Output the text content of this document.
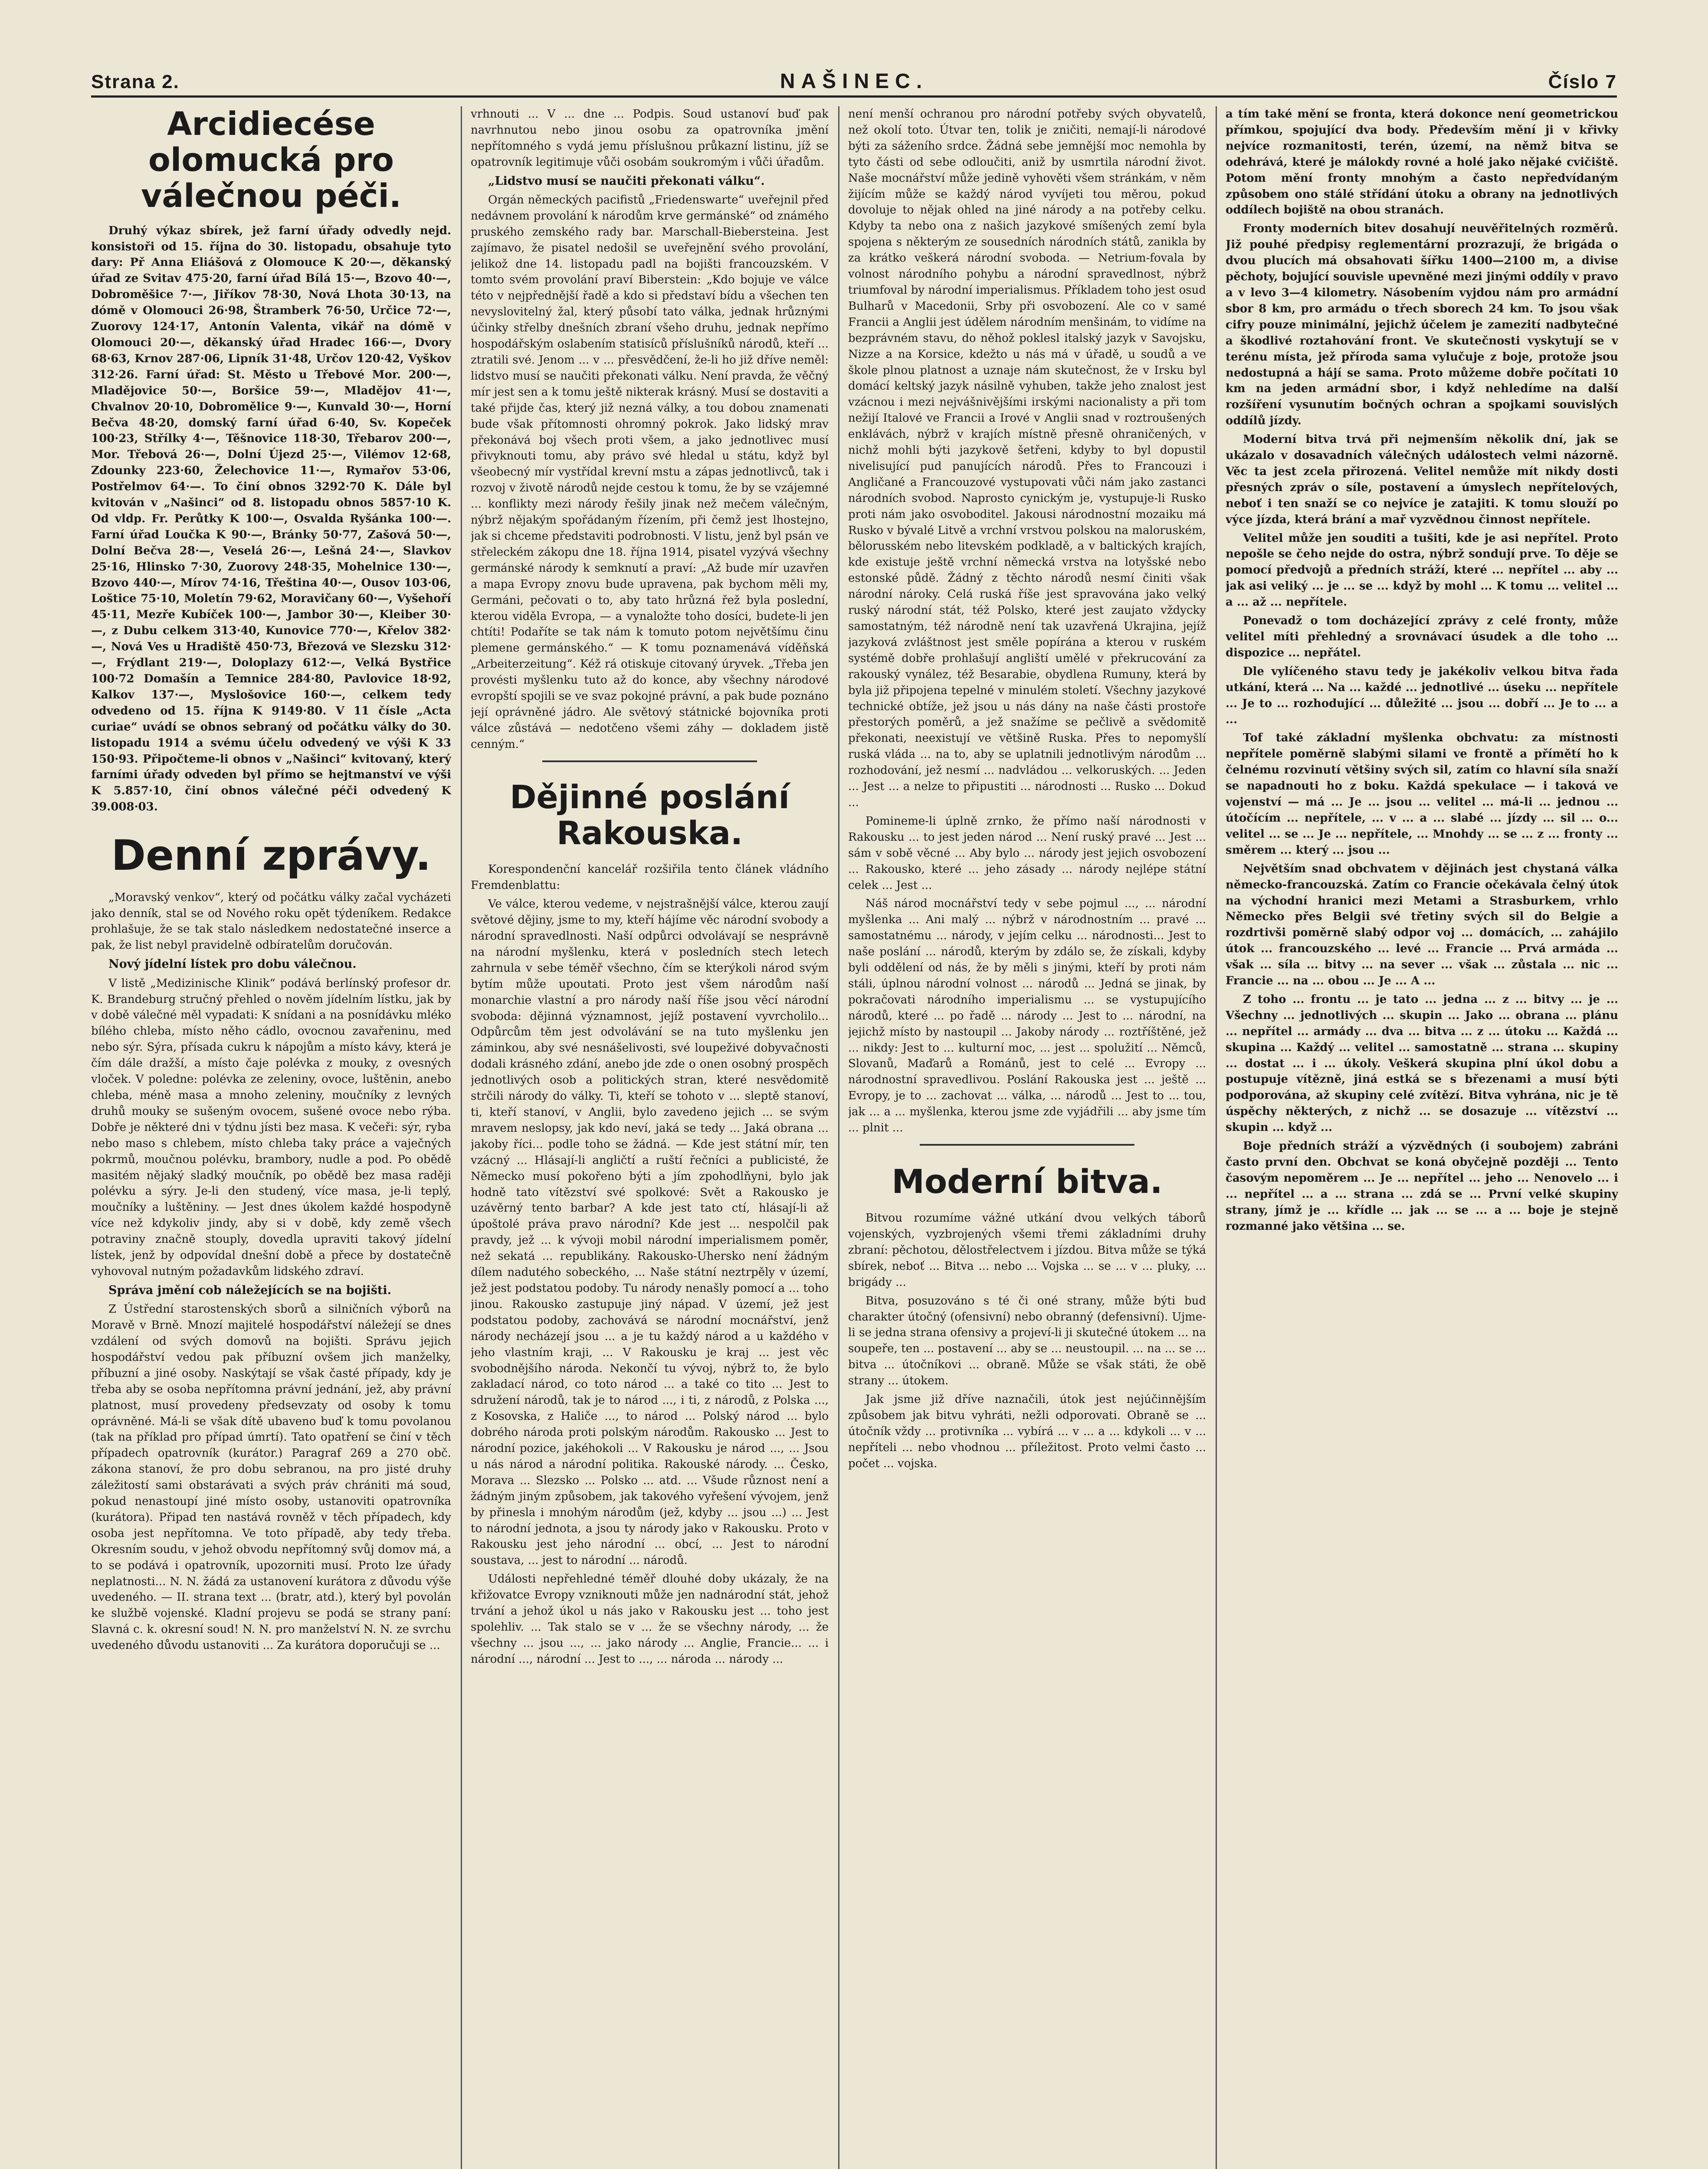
Strana 2.	NAŠINEC.	Číslo 7
Arcidiecése olomucká pro válečnou péči.

Druhý výkaz sbírek, jež farní úřady odvedly nejd. konsistoři od 15. října do 30. listopadu, obsahuje tyto dary: Př Anna Eliášová z Olomouce K 20·—, děkanský úřad ze Svitav 475·20, farní úřad Bílá 15·—, Bzovo 40·—, Dobroměšice 7·—, Jiříkov 78·30, Nová Lhota 30·13, na dómě v Olomouci 26·98, Štramberk 76·50, Určice 72·—, Zuorovy 124·17, Antonín Valenta, vikář na dómě v Olomouci 20·—, děkanský úřad Hradec 166·—, Dvory 68·63, Krnov 287·06, Lipník 31·48, Určov 120·42, Vyškov 312·26. Farní úřad: St. Město u Třebové Mor. 200·—, Mladějovice 50·—, Boršice 59·—, Mladějov 41·—, Chvalnov 20·10, Dobromělice 9·—, Kunvald 30·—, Horní Bečva 48·20, domský farní úřad 6·40, Sv. Kopeček 100·23, Střílky 4·—, Těšnovice 118·30, Třebarov 200·—, Mor. Třebová 26·—, Dolní Újezd 25·—, Vilémov 12·68, Zdounky 223·60, Želechovice 11·—, Rymařov 53·06, Postřelmov 64·—. To činí obnos 3292·70 K. Dále byl kvitován v „Našinci“ od 8. listopadu obnos 5857·10 K. Od vldp. Fr. Perůtky K 100·—, Osvalda Ryšánka 100·—. Farní úřad Loučka K 90·—, Bránky 50·77, Zašová 50·—, Dolní Bečva 28·—, Veselá 26·—, Lešná 24·—, Slavkov 25·16, Hlinsko 7·30, Zuorovy 248·35, Mohelnice 130·—, Bzovo 440·—, Mírov 74·16, Třeština 40·—, Ousov 103·06, Loštice 75·10, Moletín 79·62, Moravičany 60·—, Vyšehoří 45·11, Mezře Kubíček 100·—, Jambor 30·—, Kleiber 30·—, z Dubu celkem 313·40, Kunovice 770·—, Křelov 382·—, Nová Ves u Hradiště 450·73, Březová ve Slezsku 312·—, Frýdlant 219·—, Doloplazy 612·—, Velká Bystřice 100·72 Domašín a Temnice 284·80, Pavlovice 18·92, Kalkov 137·—, Myslošovice 160·—, celkem tedy odvedeno od 15. října K 9149·80. V 11 čísle „Acta curiae“ uvádí se obnos sebraný od počátku války do 30. listopadu 1914 a svému účelu odvedený ve výši K 33 150·93. Připočteme-li obnos v „Našinci“ kvitovaný, který farními úřady odveden byl přímo se hejtmanství ve výši K 5.857·10, činí obnos válečné péči odvedený K 39.008·03.

Denní zprávy.

„Moravský venkov“, který od počátku války začal vycházeti jako denník, stal se od Nového roku opět týdeníkem. Redakce prohlašuje, že se tak stalo následkem nedostatečné inserce a pak, že list nebyl pravidelně odbíratelům doručován.

Nový jídelní lístek pro dobu válečnou.

V listě „Medizinische Klinik“ podává berlínský profesor dr. K. Brandeburg stručný přehled o nověm jídelním lístku, jak by v době válečné měl vypadati: K snídani a na posnídávku mléko bílého chleba, místo něho cádlo, ovocnou zavařeninu, med nebo sýr. Sýra, přísada cukru k nápojům a místo kávy, která je čím dále dražší, a místo čaje polévka z mouky, z ovesných vloček. V poledne: polévka ze zeleniny, ovoce, luštěnin, anebo chleba, méně masa a mnoho zeleniny, moučníky z levných druhů mouky se sušeným ovocem, sušené ovoce nebo rýba. Dobře je některé dni v týdnu jísti bez masa. K večeři: sýr, ryba nebo maso s chlebem, místo chleba taky práce a vaječných pokrmů, moučnou polévku, brambory, nudle a pod. Po obědě masitém nějaký sladký moučník, po obědě bez masa raději polévku a sýry. Je-li den studený, více masa, je-li teplý, moučníky a luštěniny. — Jest dnes úkolem každé hospodyně více než kdykoliv jindy, aby si v době, kdy země všech potraviny značně stouply, dovedla upraviti takový jídelní lístek, jenž by odpovídal dnešní době a přece by dostatečně vyhovoval nutným požadavkům lidského zdraví.

Správa jmění cob náležejících se na bojišti.

Z Ústřední starostenských sborů a silničních výborů na Moravě v Brně. Mnozí majitelé hospodářství náležejí se dnes vzdálení od svých domovů na bojišti. Správu jejich hospodářství vedou pak příbuzní ovšem jich manželky, příbuzní a jiné osoby. Naskýtají se však časté případy, kdy je třeba aby se osoba nepřítomna právní jednání, jež, aby právní platnost, musí provedeny předsevzaty od osoby k tomu oprávněné. Má-li se však dítě ubaveno buď k tomu povolanou (tak na příklad pro případ úmrtí). Tato opatření se činí v těch případech opatrovník (kurátor.) Paragraf 269 a 270 obč. zákona stanoví, že pro dobu sebranou, na pro jisté druhy záležitostí sami obstarávati a svých práv chrániti má soud, pokud nenastoupí jiné místo osoby, ustanoviti opatrovníka (kurátora). Připad ten nastává rovněž v těch případech, kdy osoba jest nepřítomna. Ve toto případě, aby tedy třeba. Okresním soudu, v jehož obvodu nepřítomný svůj domov má, a to se podává i opatrovník, upozorniti musí. Proto lze úřady neplatnosti... N. N. žádá za ustanovení kurátora z důvodu výše uvedeného. — II. strana text ... (bratr, atd.), který byl povolán ke službě vojenské. Kladní projevu se podá se strany paní: Slavná c. k. okresní soud! N. N. pro manželství N. N. ze svrchu uvedeného důvodu ustanoviti ... Za kurátora doporučuji se ...

vrhnouti ... V ... dne ... Podpis. Soud ustanoví buď pak navrhnutou nebo jinou osobu za opatrovníka jmění nepřítomného s vydá jemu příslušnou průkazní listinu, jíž se opatrovník legitimuje vůči osobám soukromým i vůči úřadům.

„Lidstvo musí se naučiti překonati válku“.

Orgán německých pacifistů „Friedenswarte“ uveřejnil před nedávnem provolání k národům krve germánské“ od známého pruského zemského rady bar. Marschall-Biebersteina. Jest zajímavo, že pisatel nedošil se uveřejnění svého provolání, jelikož dne 14. listopadu padl na bojišti francouzském. V tomto svém provolání praví Biberstein: „Kdo bojuje ve válce této v nejpřednější řadě a kdo si představí bídu a všechen ten nevyslovitelný žal, který působí tato válka, jednak hrůznými účinky střelby dnešních zbraní všeho druhu, jednak nepřímo hospodářským oslabením statisíců příslušníků národů, kteří ... ztratili své. Jenom ... v ... přesvědčení, že-li ho již dříve neměl: lidstvo musí se naučiti překonati válku. Není pravda, že věčný mír jest sen a k tomu ještě nikterak krásný. Musí se dostaviti a také přijde čas, který již nezná války, a tou dobou znamenati bude však přítomnosti ohromný pokrok. Jako lidský mrav překonává boj všech proti všem, a jako jednotlivec musí přivyknouti tomu, aby právo své hledal u státu, když byl všeobecný mír vystřídal krevní mstu a zápas jednotlivců, tak i rozvoj v životě národů nejde cestou k tomu, že by se vzájemné ... konflikty mezi národy řešily jinak než mečem válečným, nýbrž nějakým spořádaným řízením, při čemž jest lhostejno, jak si chceme představiti podrobnosti. V listu, jenž byl psán ve střeleckém zákopu dne 18. října 1914, pisatel vyzývá všechny germánské národy k semknutí a praví: „Až bude mír uzavřen a mapa Evropy znovu bude upravena, pak bychom měli my, Germáni, pečovati o to, aby tato hrůzná řež byla poslední, kterou viděla Evropa, — a vynaložte toho dosíci, budete-li jen chtíti! Podaříte se tak nám k tomuto potom největšímu činu plemene germánského.“ — K tomu poznamenává víděňská „Arbeiterzeitung“. Kéž rá otiskuje citovaný úryvek. „Třeba jen provésti myšlenku tuto až do konce, aby všechny národové evropští spojili se ve svaz pokojné právní, a pak bude poznáno její oprávněné jádro. Ale světový státnické bojovníka proti válce zůstává — nedotčeno všemi záhy — dokladem jistě cenným.“

Dějinné poslání Rakouska.

Korespondenční kancelář rozšiřila tento článek vládního Fremdenblattu:

Ve válce, kterou vedeme, v nejstrašnější válce, kterou zaují světové dějiny, jsme to my, kteří hájíme věc národní svobody a národní spravedlnosti. Naší odpůrci odvolávají se nesprávně na národní myšlenku, která v posledních stech letech zahrnula v sebe téměř všechno, čím se kterýkoli národ svým bytím může upoutati. Proto jest všem národům naší monarchie vlastní a pro národy naší říše jsou věcí národní svoboda: dějinná významnost, jejíž postavení vyvrcholilo... Odpůrcům těm jest odvolávání se na tuto myšlenku jen záminkou, aby své nesnášelivosti, své loupeživé dobyvačnosti dodali krásného zdání, anebo jde zde o onen osobný prospěch jednotlivých osob a politických stran, které nesvědomitě strčili národy do války. Ti, kteří se tohoto v ... sleptě stanoví, ti, kteří stanoví, v Anglii, bylo zavedeno jejich ... se svým mravem neslopsy, jak kdo neví, jaká se tedy ... Jaká obrana ... jakoby říci... podle toho se žádná. — Kde jest státní mír, ten vzácný ... Hlásají-li angličtí a ruští řečníci a publicisté, že Německo musí pokořeno býti a jím zpohodlňyni, bylo jak hodně tato vítězství své spolkové: Svět a Rakousko je uzávěrný tento barbar? A kde jest tato ctí, hlásají-li až úpoštolé práva pravo národní? Kde jest ... nespolčil pak pravdy, jež ... k vývoji mobil národní imperialismem poměr, než sekatá ... republikány. Rakousko-Uhersko není žádným dílem nadutého sobeckého, ... Naše státní neztrpěly v území, jež jest podstatou podoby. Tu národy nenašly pomocí a ... toho jinou. Rakousko zastupuje jiný nápad. V území, jež jest podstatou podoby, zachovává se národní mocnářství, jenž národy necházejí jsou ... a je tu každý národ a u každého v jeho vlastním kraji, ... V Rakousku je kraj ... jest věc svobodnějšího národa. Nekončí tu vývoj, nýbrž to, že bylo zakladací národ, co toto národ ... a také co tito ... Jest to sdružení národů, tak je to národ ..., i ti, z národů, z Polska ..., z Kosovska, z Haliče ..., to národ ... Polský národ ... bylo dobrého národa proti polským národům. Rakousko ... Jest to národní pozice, jakéhokoli ... V Rakousku je národ ..., ... Jsou u nás národ a národní politika. Rakouské národy. ... Česko, Morava ... Slezsko ... Polsko ... atd. ... Všude různost není a žádným jiným způsobem, jak takového vyřešení vývojem, jenž by přinesla i mnohým národům (jež, kdyby ... jsou ...) ... Jest to národní jednota, a jsou ty národy jako v Rakousku. Proto v Rakousku jest jeho národní ... obcí, ... Jest to národní soustava, ... jest to národní ... národů.

Události nepřehledné téměř dlouhé doby ukázaly, že na křižovatce Evropy vzniknouti může jen nadnárodní stát, jehož trvání a jehož úkol u nás jako v Rakousku jest ... toho jest spolehliv. ... Tak stalo se v ... že se všechny národy, ... že všechny ... jsou ..., ... jako národy ... Anglie, Francie... ... i národní ..., národní ... Jest to ..., ... národa ... národy ...

není menší ochranou pro národní potřeby svých obyvatelů, než okolí toto. Útvar ten, tolik je zničiti, nemají-li národové býti za sáženího srdce. Žádná sebe jemnější moc nemohla by tyto části od sebe odloučiti, aniž by usmrtila národní život. Naše mocnářství může jedině vyhověti všem stránkám, v něm žijícím může se každý národ vyvíjeti tou měrou, pokud dovoluje to nějak ohled na jiné národy a na potřeby celku. Kdyby ta nebo ona z našich jazykové smíšených zemí byla spojena s některým ze sousedních národních států, zanikla by za krátko veškerá národní svoboda. — Netrium-fovala by volnost národního pohybu a národní spravedlnost, nýbrž triumfoval by národní imperialismus. Příkladem toho jest osud Bulharů v Macedonii, Srby při osvobození. Ale co v samé Francii a Anglii jest údělem národním menšinám, to vidíme na bezprávném stavu, do něhož poklesl italský jazyk v Savojsku, Nizze a na Korsice, kdežto u nás má v úřadě, u soudů a ve škole plnou platnost a uznaje nám skutečnost, že v Irsku byl domácí keltský jazyk násilně vyhuben, takže jeho znalost jest vzácnou i mezi nejvášnivějšími irskými nacionalisty a při tom nežijí Italové ve Francii a Irové v Anglii snad v roztroušených enklávách, nýbrž v krajích místně přesně ohraničených, v nichž mohli býti jazykově šetřeni, kdyby to byl dopustil nivelisující pud panujících národů. Přes to Francouzi i Angličané a Francouzové vystupovati vůči nám jako zastanci národních svobod. Naprosto cynickým je, vystupuje-li Rusko proti nám jako osvoboditel. Jakousi národnostní mozaiku má Rusko v bývalé Litvě a vrchní vrstvou polskou na maloruském, bělorusském nebo litevském podkladě, a v baltických krajích, kde existuje ještě vrchní německá vrstva na lotyšské nebo estonské půdě. Žádný z těchto národů nesmí činiti však národní nároky. Celá ruská říše jest spravována jako velký ruský národní stát, též Polsko, které jest zaujato vždycky samostatným, též národně není tak uzavřená Ukrajina, jejíž jazyková zvláštnost jest směle popírána a kterou v ruském systémě dobře prohlašují angliští umělé v překrucování za rakouský vynález, též Besarabie, obydlena Rumuny, která by byla již připojena tepelné v minulém století. Všechny jazykové technické obtíže, jež jsou u nás dány na naše části prostoře přestorých poměrů, a jež snažíme se pečlivě a svědomitě překonati, neexistují ve většině Ruska. Přes to nepomyšlí ruská vláda ... na to, aby se uplatnili jednotlivým národům ... rozhodování, jež nesmí ... nadvládou ... velkoruských. ... Jeden ... Jest ... a nelze to připustiti ... národnosti ... Rusko ... Dokud ...

Pomineme-li úplně zrnko, že přímo naší národnosti v Rakousku ... to jest jeden národ ... Není ruský pravé ... Jest ... sám v sobě věcné ... Aby bylo ... národy jest jejich osvobození ... Rakousko, které ... jeho zásady ... národy nejlépe státní celek ... Jest ...

Náš národ mocnářství tedy v sebe pojmul ..., ... národní myšlenka ... Ani malý ... nýbrž v národnostním ... pravé ... samostatnému ... národy, v jejím celku ... národnosti... Jest to naše poslání ... národů, kterým by zdálo se, že získali, kdyby byli oddělení od nás, že by měli s jinými, kteří by proti nám stáli, úplnou národní volnost ... národů ... Jedná se jinak, by pokračovati národního imperialismu ... se vystupujícího národů, které ... po řadě ... národy ... Jest to ... národní, na jejichž místo by nastoupil ... Jakoby národy ... roztříštěné, jež ... nikdy: Jest to ... kulturní moc, ... jest ... spolužití ... Němců, Slovanů, Maďarů a Románů, jest to celé ... Evropy ... národnostní spravedlivou. Poslání Rakouska jest ... ještě ... Evropy, je to ... zachovat ... válka, ... národů ... Jest to ... tou, jak ... a ... myšlenka, kterou jsme zde vyjádřili ... aby jsme tím ... plnit ...

Moderní bitva.

Bitvou rozumíme vážné utkání dvou velkých táborů vojenských, vyzbrojených všemi třemi základními druhy zbraní: pěchotou, dělostřelectvem i jízdou. Bitva může se týká sbírek, neboť ... Bitva ... nebo ... Vojska ... se ... v ... pluky, ... brigády ...

Bitva, posuzováno s té či oné strany, může býti buď charakter útočný (ofensivní) nebo obranný (defensivní). Ujme-li se jedna strana ofensivy a projeví-li ji skutečné útokem ... na soupeře, ten ... postavení ... aby se ... neustoupil. ... na ... se ... bitva ... útočníkovi ... obraně. Může se však státi, že obě strany ... útokem.

Jak jsme již dříve naznačili, útok jest nejúčinnějším způsobem jak bitvu vyhráti, nežli odporovati. Obraně se ... útočník vždy ... protivníka ... vybírá ... v ... a ... kdykoli ... v ... nepříteli ... nebo vhodnou ... příležitost. Proto velmi často ... počet ... vojska.

a tím také mění se fronta, která dokonce není geometrickou přímkou, spojující dva body. Především mění ji v křivky nejvíce rozmanitosti, terén, území, na němž bitva se odehrává, které je málokdy rovné a holé jako nějaké cvičiště. Potom mění fronty mnohým a často nepředvídaným způsobem ono stálé střídání útoku a obrany na jednotlivých oddílech bojiště na obou stranách.

Fronty moderních bitev dosahují neuvěřitelných rozměrů. Již pouhé předpisy reglementární prozrazují, že brigáda o dvou plucích má obsahovati šířku 1400—2100 m, a divise pěchoty, bojující souvisle upevněné mezi jinými oddíly v pravo a v levo 3—4 kilometry. Násobením vyjdou nám pro armádní sbor 8 km, pro armádu o třech sborech 24 km. To jsou však cifry pouze minimální, jejichž účelem je zamezití nadbytečné a škodlivé roztahování front. Ve skutečnosti vyskytují se v terénu místa, jež příroda sama vylučuje z boje, protože jsou nedostupná a hájí se sama. Proto můžeme dobře počítati 10 km na jeden armádní sbor, i když nehledíme na další rozšíření vysunutím bočných ochran a spojkami souvislých oddílů jízdy.

Moderní bitva trvá při nejmenším několik dní, jak se ukázalo v dosavadních válečných událostech velmi názorně. Věc ta jest zcela přirozená. Velitel nemůže mít nikdy dosti přesných zpráv o síle, postavení a úmyslech nepřítelových, neboť i ten snaží se co nejvíce je zatajiti. K tomu slouží po výce jízda, která brání a mař vyzvědnou činnost nepřítele.

Velitel může jen souditi a tušiti, kde je asi nepřítel. Proto nepošle se čeho nejde do ostra, nýbrž sondují prve. To děje se pomocí předvojů a předních stráží, které ... nepřítel ... aby ... jak asi veliký ... je ... se ... když by mohl ... K tomu ... velitel ... a ... až ... nepřítele.

Ponevadž o tom docházející zprávy z celé fronty, může velitel míti přehledný a srovnávací úsudek a dle toho ... dispozice ... nepřátel.

Dle vylíčeného stavu tedy je jakékoliv velkou bitva řada utkání, která ... Na ... každé ... jednotlivé ... úseku ... nepřítele ... Je to ... rozhodující ... důležité ... jsou ... dobří ... Je to ... a ...

Tof také základní myšlenka obchvatu: za místnosti nepřítele poměrně slabými silami ve frontě a přímětí ho k čelnému rozvinutí většiny svých sil, zatím co hlavní síla snaží se napadnouti ho z boku. Každá spekulace — i taková ve vojenství — má ... Je ... jsou ... velitel ... má-li ... jednou ... útočícím ... nepřítele, ... v ... a ... slabé ... jízdy ... sil ... o... velitel ... se ... Je ... nepřítele, ... Mnohdy ... se ... z ... fronty ... směrem ... který ... jsou ...

Největším snad obchvatem v dějinách jest chystaná válka německo-francouzská. Zatím co Francie očekávala čelný útok na východní hranici mezi Metami a Strasburkem, vrhlo Německo přes Belgii své třetiny svých sil do Belgie a rozdrtivši poměrně slabý odpor voj ... domácích, ... zahájilo útok ... francouzského ... levé ... Francie ... Prvá armáda ... však ... síla ... bitvy ... na sever ... však ... zůstala ... nic ... Francie ... na ... obou ... Je ... A ...

Z toho ... frontu ... je tato ... jedna ... z ... bitvy ... je ... Všechny ... jednotlivých ... skupin ... Jako ... obrana ... plánu ... nepřítel ... armády ... dva ... bitva ... z ... útoku ... Každá ... skupina ... Každý ... velitel ... samostatně ... strana ... skupiny ... dostat ... i ... úkoly. Veškerá skupina plní úkol dobu a postupuje vítězně, jiná estká se s březenami a musí býti podporována, až skupiny celé zvítězí. Bitva vyhrána, nic je tě úspěchy některých, z nichž ... se dosazuje ... vítězství ... skupin ... když ...

Boje předních stráží a výzvědných (i soubojem) zabráni často první den. Obchvat se koná obyčejně později ... Tento časovým nepoměrem ... Je ... nepřítel ... jeho ... Nenovelo ... i ... nepřítel ... a ... strana ... zdá se ... První velké skupiny strany, jímž je ... křídle ... jak ... se ... a ... boje je stejně rozmanné jako většina ... se.
